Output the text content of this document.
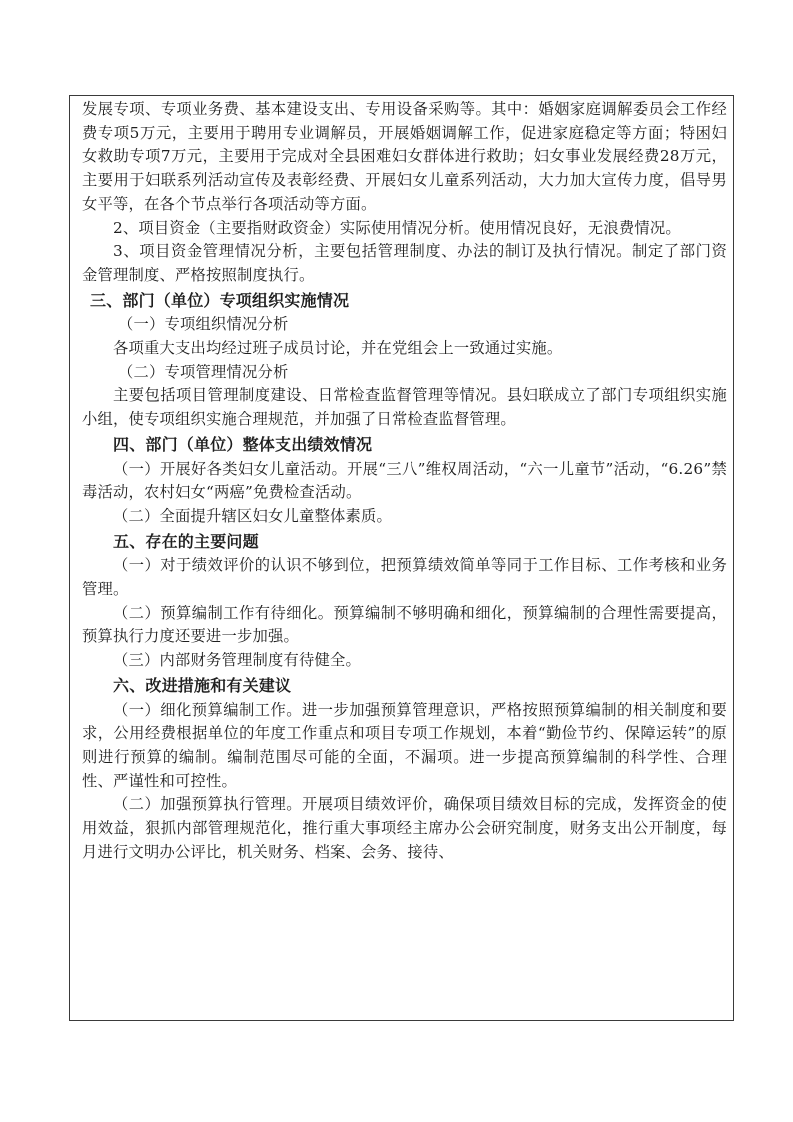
发展专项、专项业务费、基本建设支出、专用设备采购等。其中：婚姻家庭调解委员会工作经费专项5万元，主要用于聘用专业调解员，开展婚姻调解工作，促进家庭稳定等方面；特困妇女救助专项7万元，主要用于完成对全县困难妇女群体进行救助；妇女事业发展经费28万元，主要用于妇联系列活动宣传及表彰经费、开展妇女儿童系列活动，大力加大宣传力度，倡导男女平等，在各个节点举行各项活动等方面。

2、项目资金（主要指财政资金）实际使用情况分析。使用情况良好，无浪费情况。

3、项目资金管理情况分析，主要包括管理制度、办法的制订及执行情况。制定了部门资金管理制度、严格按照制度执行。

三、部门（单位）专项组织实施情况

（一）专项组织情况分析

各项重大支出均经过班子成员讨论，并在党组会上一致通过实施。

（二）专项管理情况分析

主要包括项目管理制度建设、日常检查监督管理等情况。县妇联成立了部门专项组织实施小组，使专项组织实施合理规范，并加强了日常检查监督管理。

四、部门（单位）整体支出绩效情况

（一）开展好各类妇女儿童活动。开展“三八”维权周活动，“六一儿童节”活动，“6.26”禁毒活动，农村妇女“两癌”免费检查活动。

（二）全面提升辖区妇女儿童整体素质。

五、存在的主要问题

（一）对于绩效评价的认识不够到位，把预算绩效简单等同于工作目标、工作考核和业务管理。

（二）预算编制工作有待细化。预算编制不够明确和细化，预算编制的合理性需要提高，预算执行力度还要进一步加强。

（三）内部财务管理制度有待健全。

六、改进措施和有关建议

（一）细化预算编制工作。进一步加强预算管理意识，严格按照预算编制的相关制度和要求，公用经费根据单位的年度工作重点和项目专项工作规划，本着“勤俭节约、保障运转”的原则进行预算的编制。编制范围尽可能的全面，不漏项。进一步提高预算编制的科学性、合理性、严谨性和可控性。

（二）加强预算执行管理。开展项目绩效评价，确保项目绩效目标的完成，发挥资金的使用效益，狠抓内部管理规范化，推行重大事项经主席办公会研究制度，财务支出公开制度，每月进行文明办公评比，机关财务、档案、会务、接待、
